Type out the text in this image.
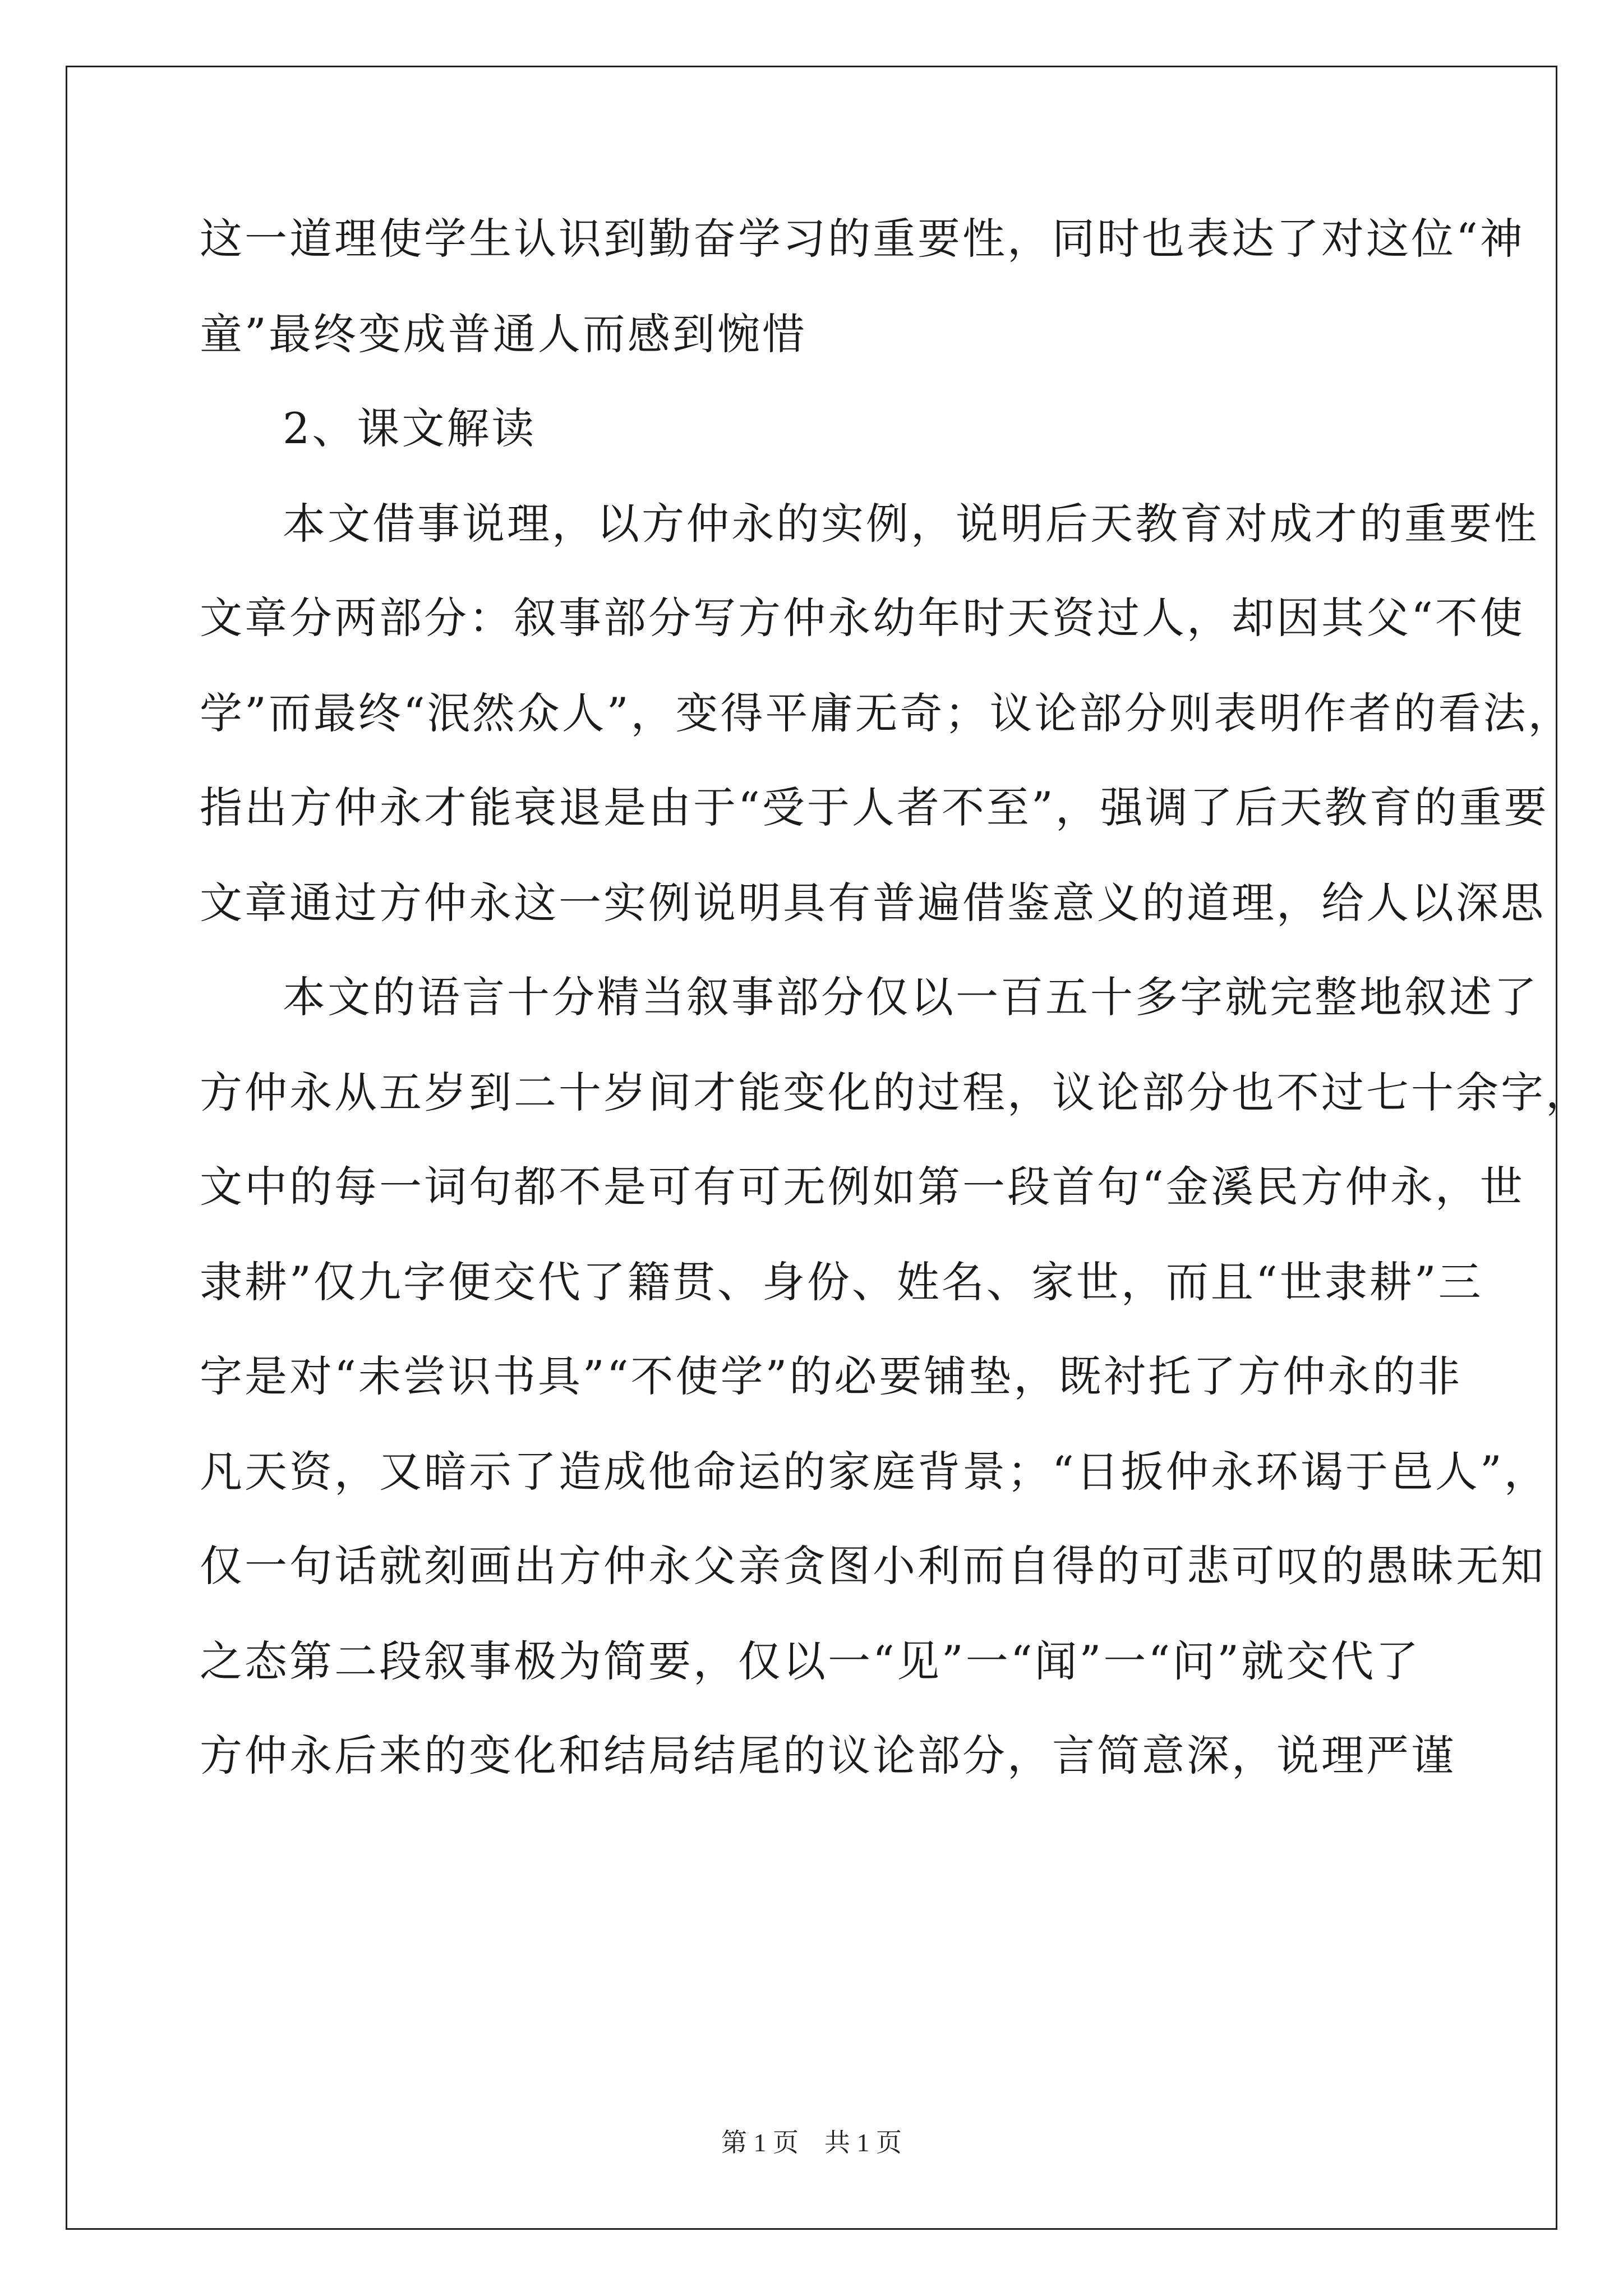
这一道理使学生认识到勤奋学习的重要性，同时也表达了对这位“神
童”最终变成普通人而感到惋惜
2、课文解读
本文借事说理，以方仲永的实例，说明后天教育对成才的重要性
文章分两部分：叙事部分写方仲永幼年时天资过人，却因其父“不使
学”而最终“泯然众人”，变得平庸无奇；议论部分则表明作者的看法，
指出方仲永才能衰退是由于“受于人者不至”，强调了后天教育的重要
文章通过方仲永这一实例说明具有普遍借鉴意义的道理，给人以深思
本文的语言十分精当叙事部分仅以一百五十多字就完整地叙述了
方仲永从五岁到二十岁间才能变化的过程，议论部分也不过七十余字，
文中的每一词句都不是可有可无例如第一段首句“金溪民方仲永，世
隶耕”仅九字便交代了籍贯、身份、姓名、家世，而且“世隶耕”三
字是对“未尝识书具”“不使学”的必要铺垫，既衬托了方仲永的非
凡天资，又暗示了造成他命运的家庭背景；“日扳仲永环谒于邑人”，
仅一句话就刻画出方仲永父亲贪图小利而自得的可悲可叹的愚昧无知
之态第二段叙事极为简要，仅以一“见”一“闻”一“问”就交代了
方仲永后来的变化和结局结尾的议论部分，言简意深，说理严谨
第 1 页    共 1 页
